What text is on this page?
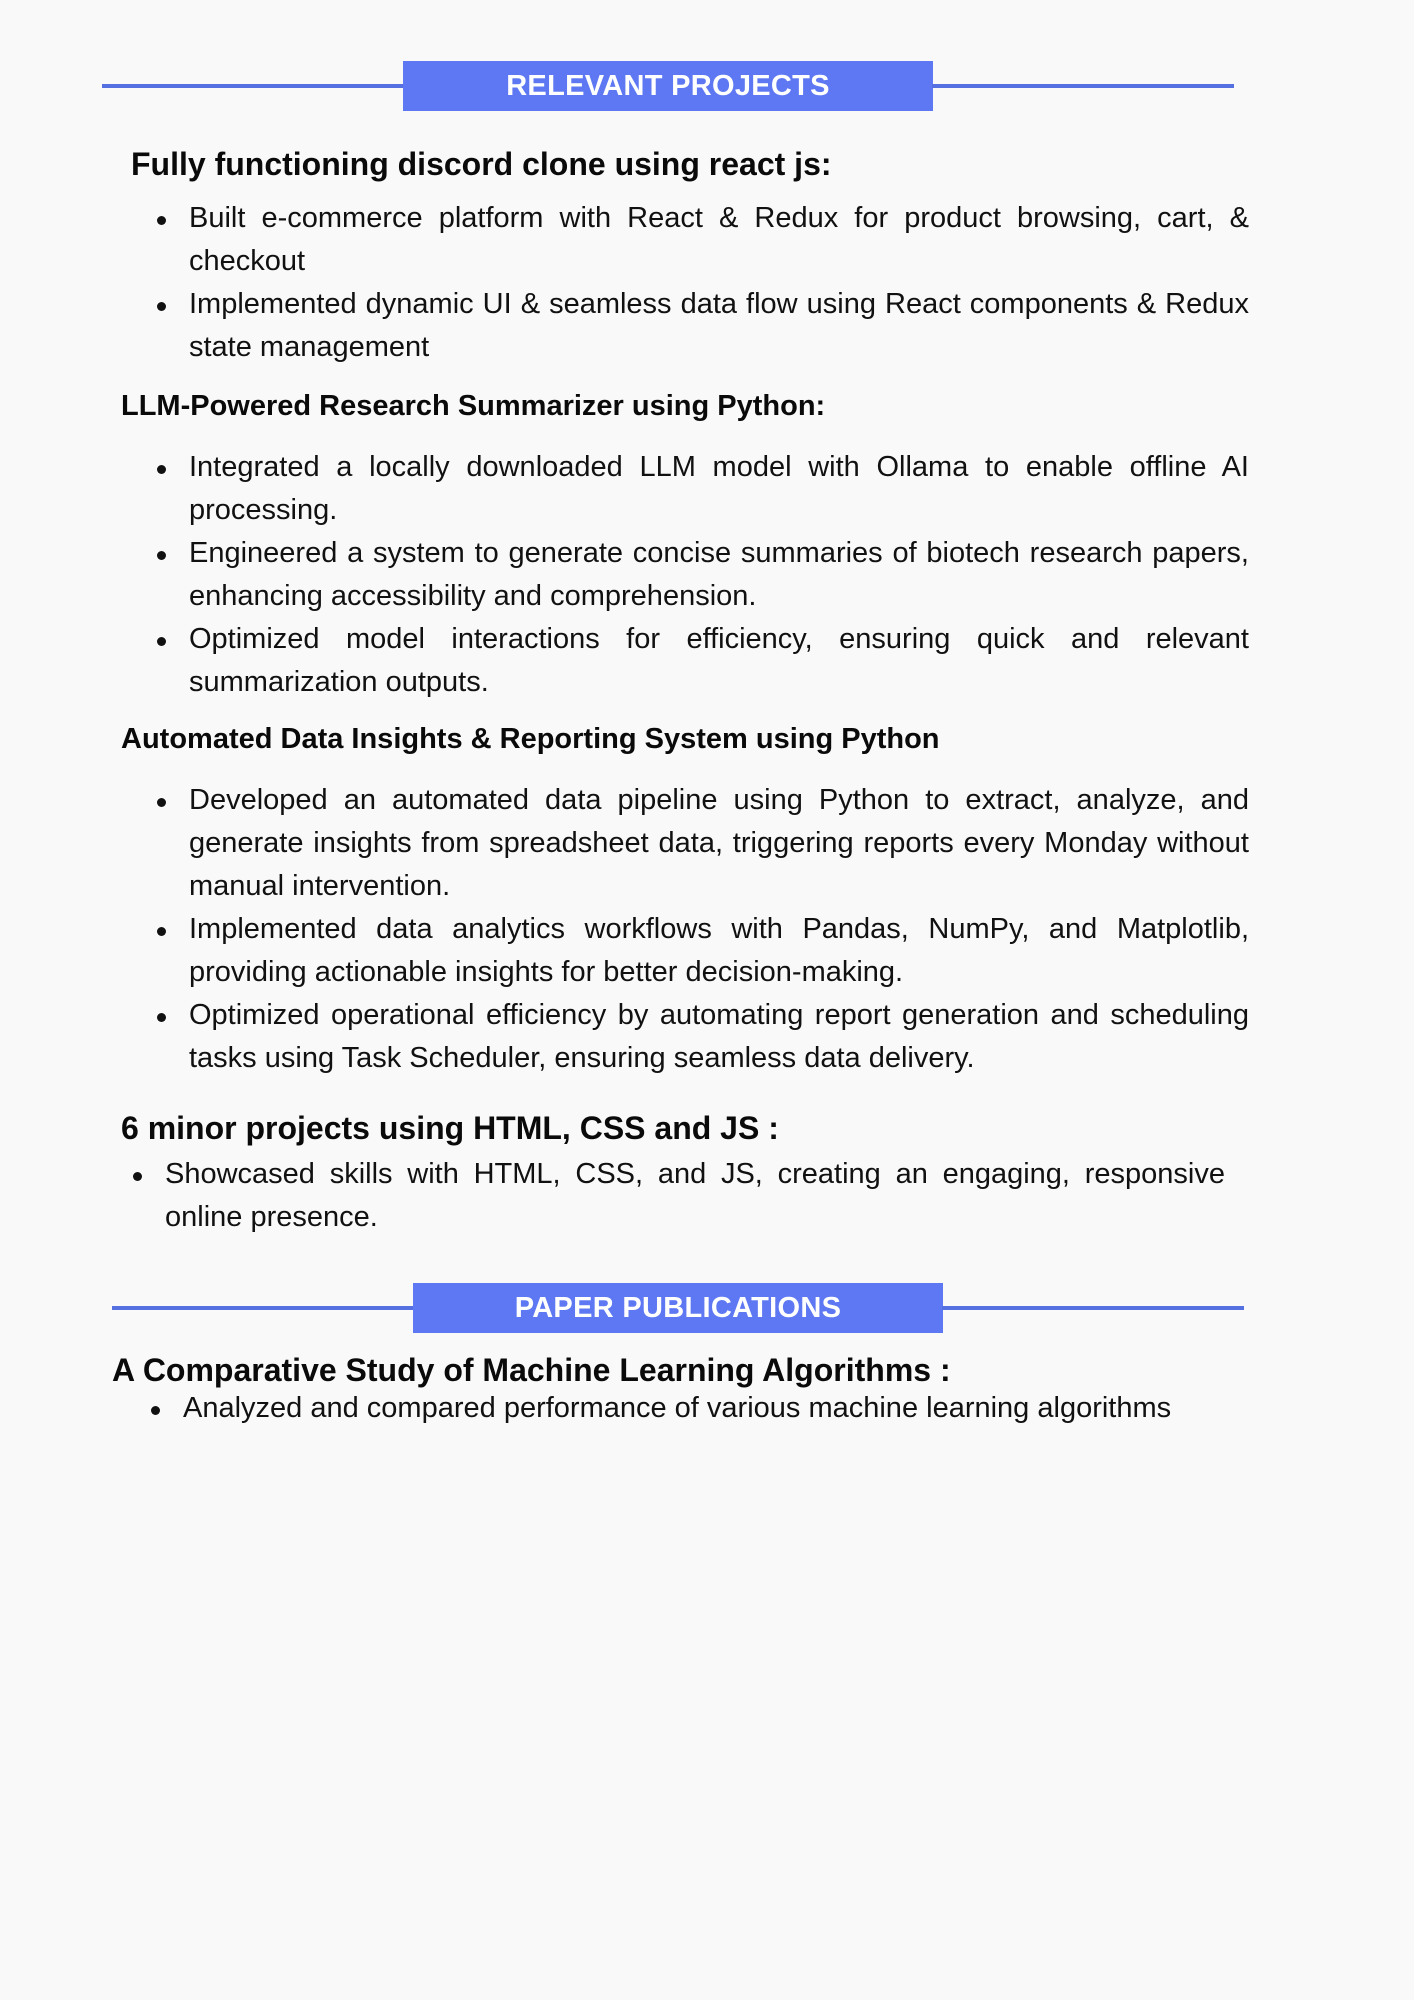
RELEVANT PROJECTS
Fully functioning discord clone using react js:
Built e-commerce platform with React & Redux for product browsing, cart, & checkout
Implemented dynamic UI & seamless data flow using React components & Redux state management
LLM-Powered Research Summarizer using Python:
Integrated a locally downloaded LLM model with Ollama to enable offline AI processing.
Engineered a system to generate concise summaries of biotech research papers, enhancing accessibility and comprehension.
Optimized model interactions for efficiency, ensuring quick and relevant summarization outputs.
Automated Data Insights & Reporting System using Python
Developed an automated data pipeline using Python to extract, analyze, and generate insights from spreadsheet data, triggering reports every Monday without manual intervention.
Implemented data analytics workflows with Pandas, NumPy, and Matplotlib, providing actionable insights for better decision-making.
Optimized operational efficiency by automating report generation and scheduling tasks using Task Scheduler, ensuring seamless data delivery.
6 minor projects using HTML, CSS and JS :
Showcased skills with HTML, CSS, and JS, creating an engaging, responsive online presence.
PAPER PUBLICATIONS
A Comparative Study of Machine Learning Algorithms :
Analyzed and compared performance of various machine learning algorithms
